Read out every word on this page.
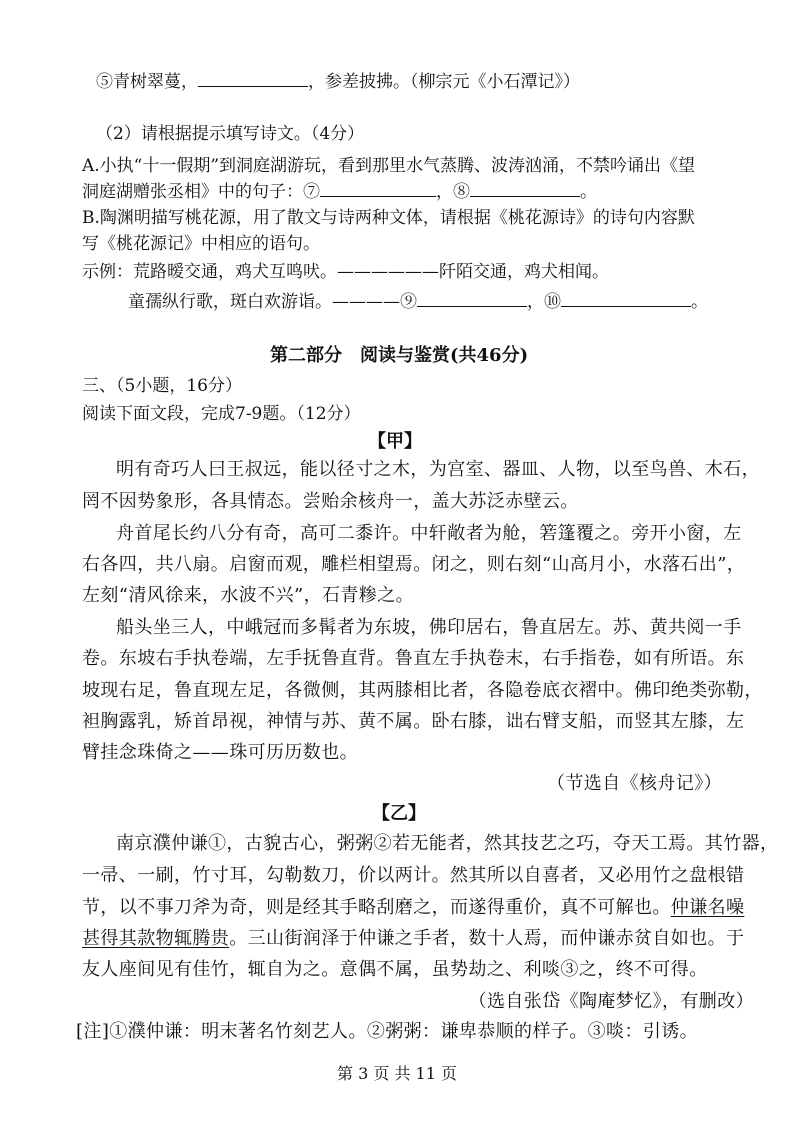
⑤青树翠蔓，	，参差披拂。（柳宗元《小石潭记》）
（2）请根据提示填写诗文。（4分）
A.小执“十一假期”到洞庭湖游玩，看到那里水气蒸腾、波涛汹涌，不禁吟诵出《望
洞庭湖赠张丞相》中的句子：⑦	，⑧	。
B.陶渊明描写桃花源，用了散文与诗两种文体，请根据《桃花源诗》的诗句内容默
写《桃花源记》中相应的语句。
示例：荒路暧交通，鸡犬互鸣吠。——————阡陌交通，鸡犬相闻。
童孺纵行歌，斑白欢游诣。————⑨	，⑩	。
第二部分　阅读与鉴赏(共46分)
三、（5小题，16分）
阅读下面文段，完成7-9题。（12分）
【甲】
明有奇巧人曰王叔远，能以径寸之木，为宫室、器皿、人物，以至鸟兽、木石，
罔不因势象形，各具情态。尝贻余核舟一，盖大苏泛赤壁云。
舟首尾长约八分有奇，高可二黍许。中轩敞者为舱，箬篷覆之。旁开小窗，左
右各四，共八扇。启窗而观，雕栏相望焉。闭之，则右刻“山高月小，水落石出”，
左刻“清风徐来，水波不兴”，石青糁之。
船头坐三人，中峨冠而多髯者为东坡，佛印居右，鲁直居左。苏、黄共阅一手
卷。东坡右手执卷端，左手抚鲁直背。鲁直左手执卷末，右手指卷，如有所语。东
坡现右足，鲁直现左足，各微侧，其两膝相比者，各隐卷底衣褶中。佛印绝类弥勒，
袒胸露乳，矫首昂视，神情与苏、黄不属。卧右膝，诎右臂支船，而竖其左膝，左
臂挂念珠倚之——珠可历历数也。
（节选自《核舟记》）
【乙】
南京濮仲谦①，古貌古心，粥粥②若无能者，然其技艺之巧，夺天工焉。其竹器，
一帚、一刷，竹寸耳，勾勒数刀，价以两计。然其所以自喜者，又必用竹之盘根错
节，以不事刀斧为奇，则是经其手略刮磨之，而遂得重价，真不可解也。仲谦名噪
甚得其款物辄腾贵。三山街润泽于仲谦之手者，数十人焉，而仲谦赤贫自如也。于
友人座间见有佳竹，辄自为之。意偶不属，虽势劫之、利啖③之，终不可得。
（选自张岱《陶庵梦忆》，有删改）
[注]①濮仲谦：明末著名竹刻艺人。②粥粥：谦卑恭顺的样子。③啖：引诱。
第 3 页 共 11 页
